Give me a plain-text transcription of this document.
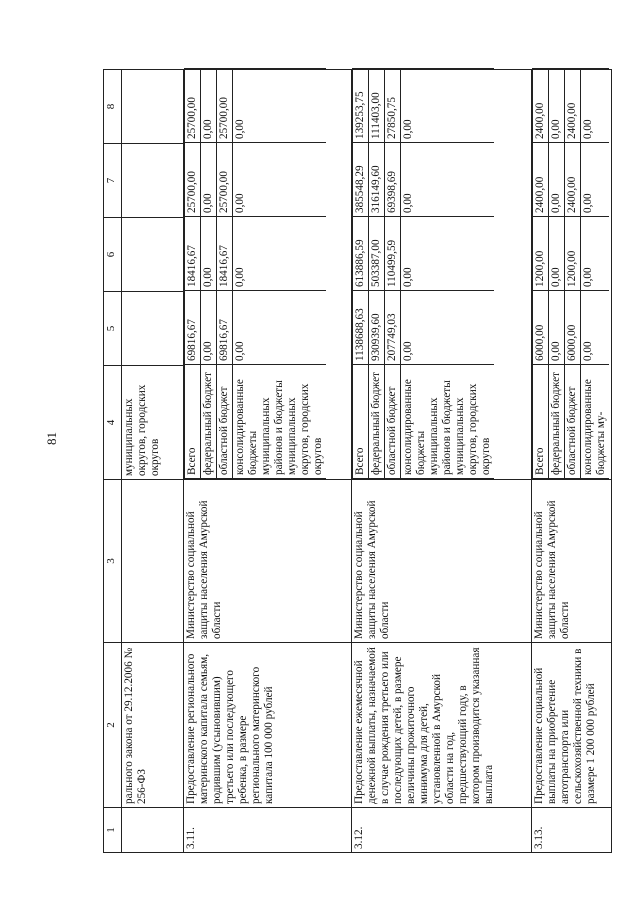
81
1	2	3	4	5	6	7	8
	рального закона от 29.12.2006 № 256-ФЗ		муниципальных округов, городских округов				
3.11.	Предоставление регионального материнского капитала семьям, родившим (усыновившим) третьего или последующего ребенка, в размере регионального материнского капитала 100 000 рублей	Министерство социальной защиты населения Амурской области	
Всего	69816,67	18416,67	25700,00	25700,00
федеральный бюджет	0,00	0,00	0,00	0,00
областной бюджет	69816,67	18416,67	25700,00	25700,00
консолидированные бюджеты муниципальных районов и бюджеты муниципальных округов, городских округов	0,00	0,00	0,00	0,00

3.12.	Предоставление ежемесячной денежной выплаты, назначаемой в случае рождения третьего или последующих детей, в размере величины прожиточного минимума для детей, установленной в Амурской области на год, предшествующий году, в котором производится указанная выплата	Министерство социальной защиты населения Амурской области	
Всего	1138688,63	613886,59	385548,29	139253,75
федеральный бюджет	930939,60	503387,00	316149,60	111403,00
областной бюджет	207749,03	110499,59	69398,69	27850,75
консолидированные бюджеты муниципальных районов и бюджеты муниципальных округов, городских округов	0,00	0,00	0,00	0,00

3.13.	Предоставление социальной выплаты на приобретение автотранспорта или сельскохозяйственной техники в размере 1 200 000 рублей	Министерство социальной защиты населения Амурской области	
Всего	6000,00	1200,00	2400,00	2400,00
федеральный бюджет	0,00	0,00	0,00	0,00
областной бюджет	6000,00	1200,00	2400,00	2400,00
консолидированные бюджеты му-	0,00	0,00	0,00	0,00
